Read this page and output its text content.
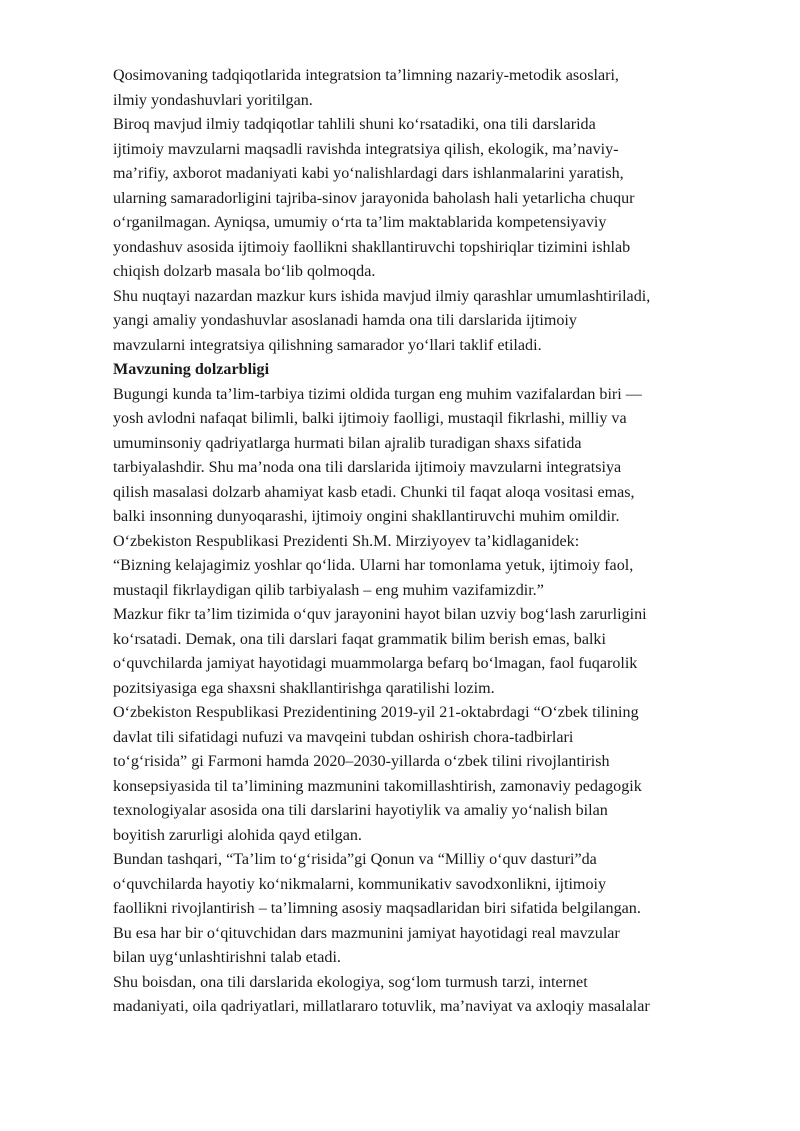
Qosimovaning tadqiqotlarida integratsion ta’limning nazariy-metodik asoslari,
ilmiy yondashuvlari yoritilgan.
Biroq mavjud ilmiy tadqiqotlar tahlili shuni ko‘rsatadiki, ona tili darslarida
ijtimoiy mavzularni maqsadli ravishda integratsiya qilish, ekologik, ma’naviy-
ma’rifiy, axborot madaniyati kabi yo‘nalishlardagi dars ishlanmalarini yaratish,
ularning samaradorligini tajriba-sinov jarayonida baholash hali yetarlicha chuqur
o‘rganilmagan. Ayniqsa, umumiy o‘rta ta’lim maktablarida kompetensiyaviy
yondashuv asosida ijtimoiy faollikni shakllantiruvchi topshiriqlar tizimini ishlab
chiqish dolzarb masala bo‘lib qolmoqda.
Shu nuqtayi nazardan mazkur kurs ishida mavjud ilmiy qarashlar umumlashtiriladi,
yangi amaliy yondashuvlar asoslanadi hamda ona tili darslarida ijtimoiy
mavzularni integratsiya qilishning samarador yo‘llari taklif etiladi.
Mavzuning dolzarbligi
Bugungi kunda ta’lim-tarbiya tizimi oldida turgan eng muhim vazifalardan biri —
yosh avlodni nafaqat bilimli, balki ijtimoiy faolligi, mustaqil fikrlashi, milliy va
umuminsoniy qadriyatlarga hurmati bilan ajralib turadigan shaxs sifatida
tarbiyalashdir. Shu ma’noda ona tili darslarida ijtimoiy mavzularni integratsiya
qilish masalasi dolzarb ahamiyat kasb etadi. Chunki til faqat aloqa vositasi emas,
balki insonning dunyoqarashi, ijtimoiy ongini shakllantiruvchi muhim omildir.
O‘zbekiston Respublikasi Prezidenti Sh.M. Mirziyoyev ta’kidlaganidek:
“Bizning kelajagimiz yoshlar qo‘lida. Ularni har tomonlama yetuk, ijtimoiy faol,
mustaqil fikrlaydigan qilib tarbiyalash – eng muhim vazifamizdir.”
Mazkur fikr ta’lim tizimida o‘quv jarayonini hayot bilan uzviy bog‘lash zarurligini
ko‘rsatadi. Demak, ona tili darslari faqat grammatik bilim berish emas, balki
o‘quvchilarda jamiyat hayotidagi muammolarga befarq bo‘lmagan, faol fuqarolik
pozitsiyasiga ega shaxsni shakllantirishga qaratilishi lozim.
O‘zbekiston Respublikasi Prezidentining 2019-yil 21-oktabrdagi “O‘zbek tilining
davlat tili sifatidagi nufuzi va mavqeini tubdan oshirish chora-tadbirlari
to‘g‘risida” gi Farmoni hamda 2020–2030-yillarda o‘zbek tilini rivojlantirish
konsepsiyasida til ta’limining mazmunini takomillashtirish, zamonaviy pedagogik
texnologiyalar asosida ona tili darslarini hayotiylik va amaliy yo‘nalish bilan
boyitish zarurligi alohida qayd etilgan.
Bundan tashqari, “Ta’lim to‘g‘risida”gi Qonun va “Milliy o‘quv dasturi”da
o‘quvchilarda hayotiy ko‘nikmalarni, kommunikativ savodxonlikni, ijtimoiy
faollikni rivojlantirish – ta’limning asosiy maqsadlaridan biri sifatida belgilangan.
Bu esa har bir o‘qituvchidan dars mazmunini jamiyat hayotidagi real mavzular
bilan uyg‘unlashtirishni talab etadi.
Shu boisdan, ona tili darslarida ekologiya, sog‘lom turmush tarzi, internet
madaniyati, oila qadriyatlari, millatlararo totuvlik, ma’naviyat va axloqiy masalalar
